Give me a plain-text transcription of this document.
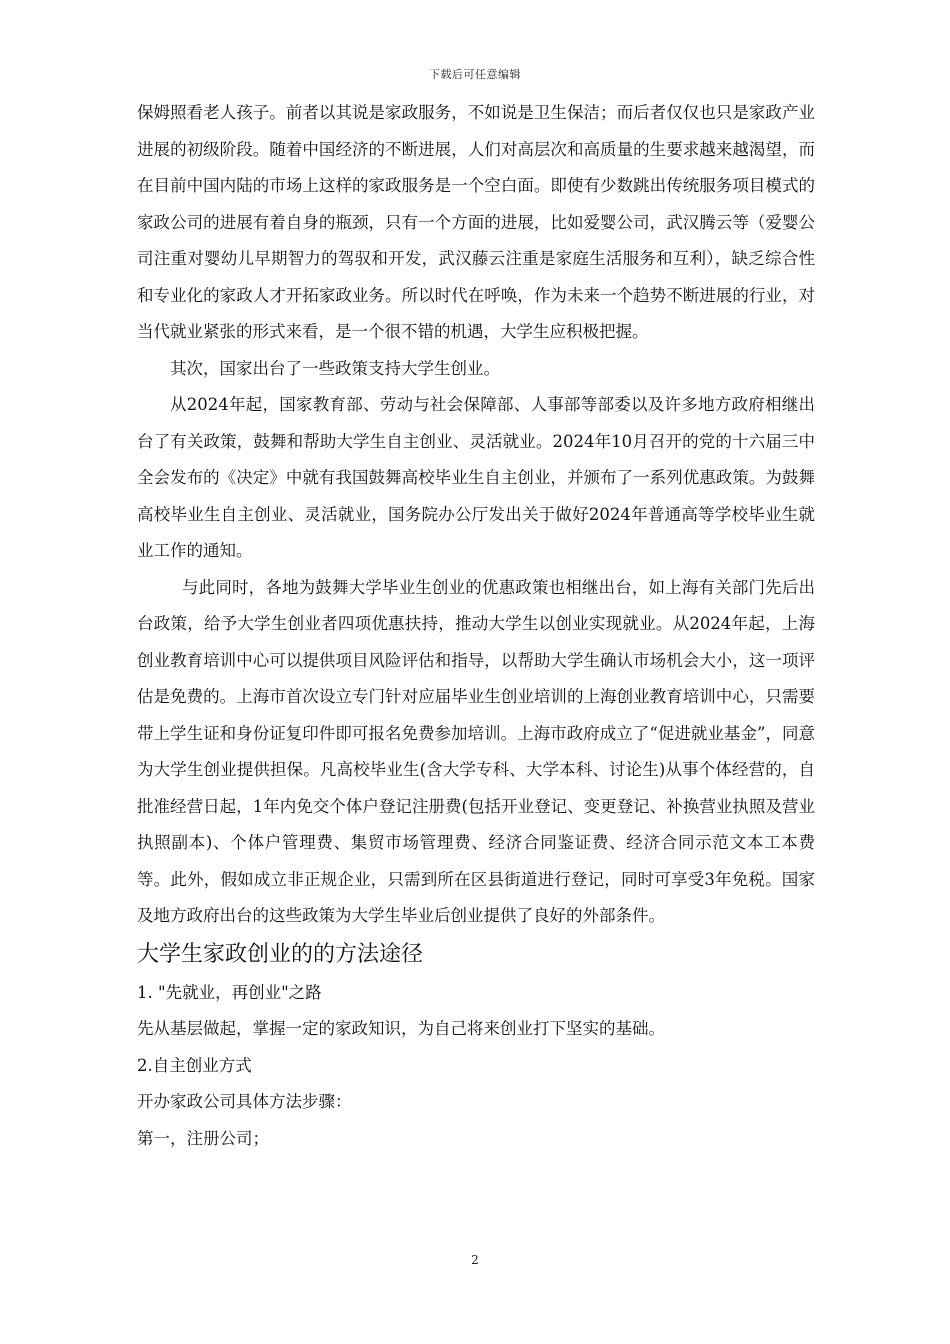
下载后可任意编辑

保姆照看老人孩子。前者以其说是家政服务，不如说是卫生保洁；而后者仅仅也只是家政产业进展的初级阶段。随着中国经济的不断进展，人们对高层次和高质量的生要求越来越渴望，而在目前中国内陆的市场上这样的家政服务是一个空白面。即使有少数跳出传统服务项目模式的家政公司的进展有着自身的瓶颈，只有一个方面的进展，比如爱婴公司，武汉腾云等（爱婴公司注重对婴幼儿早期智力的驾驭和开发，武汉藤云注重是家庭生活服务和互利），缺乏综合性和专业化的家政人才开拓家政业务。所以时代在呼唤，作为未来一个趋势不断进展的行业，对当代就业紧张的形式来看，是一个很不错的机遇，大学生应积极把握。

其次，国家出台了一些政策支持大学生创业。

从2024年起，国家教育部、劳动与社会保障部、人事部等部委以及许多地方政府相继出台了有关政策，鼓舞和帮助大学生自主创业、灵活就业。2024年10月召开的党的十六届三中全会发布的《决定》中就有我国鼓舞高校毕业生自主创业，并颁布了一系列优惠政策。为鼓舞高校毕业生自主创业、灵活就业，国务院办公厅发出关于做好2024年普通高等学校毕业生就业工作的通知。

与此同时，各地为鼓舞大学毕业生创业的优惠政策也相继出台，如上海有关部门先后出台政策，给予大学生创业者四项优惠扶持，推动大学生以创业实现就业。从2024年起，上海创业教育培训中心可以提供项目风险评估和指导，以帮助大学生确认市场机会大小，这一项评估是免费的。上海市首次设立专门针对应届毕业生创业培训的上海创业教育培训中心，只需要带上学生证和身份证复印件即可报名免费参加培训。上海市政府成立了“促进就业基金”，同意为大学生创业提供担保。凡高校毕业生(含大学专科、大学本科、讨论生)从事个体经营的，自批准经营日起，1年内免交个体户登记注册费(包括开业登记、变更登记、补换营业执照及营业执照副本)、个体户管理费、集贸市场管理费、经济合同鉴证费、经济合同示范文本工本费等。此外，假如成立非正规企业，只需到所在区县街道进行登记，同时可享受3年免税。国家及地方政府出台的这些政策为大学生毕业后创业提供了良好的外部条件。

大学生家政创业的的方法途径

1. "先就业，再创业"之路

先从基层做起，掌握一定的家政知识，为自己将来创业打下坚实的基础。

2.自主创业方式

开办家政公司具体方法步骤：

第一，注册公司；

2
